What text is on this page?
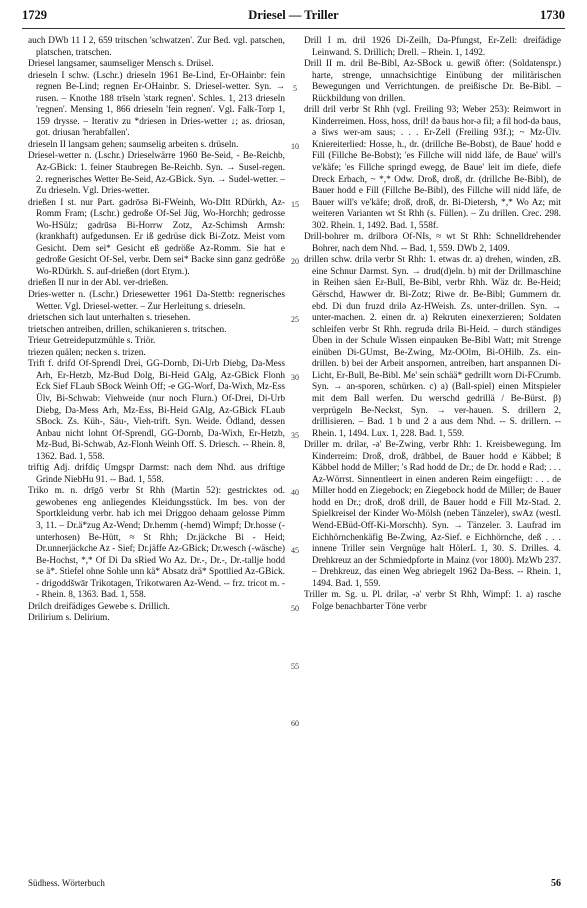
1729	Driesel — Triller	1730

auch DWb 11 I 2, 659 tritschen 'schwatzen'. Zur Bed. vgl. patschen, platschen, tratschen.

Driesel langsamer, saumseliger Mensch s. Drüsel.

drieseln I schw. (Lschr.) drieseln 1961 Be-Lind, Er-OHainbr: fein regnen Be-Lind; regnen Er-OHainbr. S. Driesel-wetter. Syn. → rusen. – Knothe 188 trīseln 'stark regnen'. Schles. 1, 213 drieseln 'regnen'. Mensing 1, 866 drieseln 'fein regnen'. Vgl. Falk-Torp 1, 159 drysse. – Iterativ zu *driesen in Dries-wetter ↓; as. driosan, got. driusan 'herabfallen'.

drieseln II langsam gehen; saumselig arbeiten s. drüseln.

Driesel-wetter n. (Lschr.) Drieselwärre 1960 Be-Seid, - Be-Reichb, Az-GBick: 1. feiner Staubregen Be-Reichb. Syn. → Susel-regen. 2. regnerisches Wetter Be-Seid, Az-GBick. Syn. → Sudel-wetter. – Zu drieseln. Vgl. Dries-wetter.

drießen I st. nur Part. gədrōsə Bi-FWeinh, Wo-DItt RDürkh, Az-Romm Fram; (Lschr.) gedroße Of-Sel Jüg, Wo-Horchh; gedrosse Wo-HSülz; gədrūsə Bi-Horrw Zotz, Az-Schimsh Armsh: (krankhaft) aufgedunsen. Er iß gedrüse dick Bi-Zotz. Meist vom Gesicht. Dem sei* Gesicht eß gedröße Az-Romm. Sie hat e gedroße Gesicht Of-Sel, verbr. Dem sei* Backe sinn ganz gedröße Wo-RDürkh. S. auf-drießen (dort Etym.).

drießen II nur in der Abl. ver-drießen.

Dries-wetter n. (Lschr.) Driesewetter 1961 Da-Stettb: regnerisches Wetter. Vgl. Driesel-wetter. – Zur Herleitung s. drieseln.

drietschen sich laut unterhalten s. triesehen.

trietschen antreiben, drillen, schikanieren s. tritschen.

Trieur Getreideputzmühle s. Triör.

triezen quälen; necken s. trizen.

Trift f. drifd Of-Sprendl Drei, GG-Dornb, Di-Urb Diebg, Da-Mess Arh, Er-Hetzb, Mz-Bud Dolg, Bi-Heid GAlg, Az-GBick Flonh Eck Sief FLaub SBock Weinh Off; -e GG-Worf, Da-Wixh, Mz-Ess Ülv, Bi-Schwab: Viehweide (nur noch Flurn.) Of-Drei, Di-Urb Diebg, Da-Mess Arh, Mz-Ess, Bi-Heid GAlg, Az-GBick FLaub SBock. Zs. Küh-, Säu-, Vieh-trift. Syn. Weide. Ödland, dessen Anbau nicht lohnt Of-Sprendl, GG-Dornb, Da-Wixh, Er-Hetzb, Mz-Bud, Bi-Schwab, Az-Flonh Weinh Off. S. Driesch. -- Rhein. 8, 1362. Bad. 1, 558.

triftig Adj. drifdiç Umgspr Darmst: nach dem Nhd. aus driftige Grinde NiebHu 91. -- Bad. 1, 558.

Triko m. n. drīgō verbr St Rhh (Martin 52): gestricktes od. gewobenes eng anliegendes Kleidungsstück. Im bes. von der Sportkleidung verbr. hab ich mei Driggoo dehaam gelosse Pimm 3, 11. – Dr.ä*zug Az-Wend; Dr.hemm (-hemd) Wimpf; Dr.hosse (-unterhosen) Be-Hütt, ≈ St Rhh; Dr.jäckche Bi - Heid; Dr.unnerjäckche Az - Sief; Dr.jäffe Az-GBick; Dr.wesch (-wäsche) Be-Hochst, *,* Of Di Da sRied Wo Az. Dr.-, Dr.-, Dr.-tallje hodd se ä*. Stiefel ohne Sohle unn kä* Absatz drä* Spottlied Az-GBick. - drigoddšwār Trikotagen, Trikotwaren Az-Wend. -- frz. tricot m. -- Rhein. 8, 1363. Bad. 1, 558.

Drilch dreifädiges Gewebe s. Drillich.

Drilirium s. Delirium.

5
10
15
20
25
30
35
40
45
50
55
60

Drill I m. dril 1926 Di-Zeilh, Da-Pfungst, Er-Zell: dreifädige Leinwand. S. Drillich; Drell. – Rhein. 1, 1492.

Drill II m. dril Be-Bibl, Az-SBock u. gewiß öfter: (Soldatenspr.) harte, strenge, unnachsichtige Einübung der militärischen Bewegungen und Verrichtungen. de preißische Dr. Be-Bibl. – Rückbildung von drillen.

drill dril verbr St Rhh (vgl. Freiling 93; Weber 253): Reimwort in Kinderreimen. Hoss, hoss, dril! də baus hor-ə fil; ə fil hod-də baus, ə šiws wer-əm saus; . . . Er-Zell (Freiling 93f.); ~ Mz-Ülv. Kniereiterlied: Hosse, h., dr. (drillche Be-Bobst), de Baue' hodd e Fill (Fillche Be-Bobst); 'es Fillche will nidd läfe, de Baue' will's ve'käfe; 'es Fillche springd ewegg, de Baue' leit im diefe, diefe Dreck Erbach, ~ *,* Odw. Droß, droß, dr. (drillche Be-Bibl), de Bauer hodd e Fill (Fillche Be-Bibl), des Fillche will nidd läfe, de Bauer will's ve'käfe; droß, droß, dr. Bi-Dietersh, *,* Wo Az; mit weiteren Varianten wt St Rhh (s. Füllen). – Zu drillen. Crec. 298. 302. Rhein. 1, 1492. Bad. 1, 558f.

Drill-bohrer m. drilborə Of-NIs, ≈ wt St Rhh: Schnelldrehender Bohrer, nach dem Nhd. -- Bad. 1, 559. DWb 2, 1409.

drillen schw. drilə verbr St Rhh: 1. etwas dr. a) drehen, winden, zB. eine Schnur Darmst. Syn. → drud(d)eln. b) mit der Drillmaschine in Reihen säen Er-Bull, Be-Bibl, verbr Rhh. Wäz dr. Be-Heid; Gërschd, Hawwer dr. Bi-Zotz; Riwe dr. Be-Bibl; Gummern dr. ebd. Di dun fruzd drilə Az-HWeish. Zs. unter-drillen. Syn. → unter-machen. 2. einen dr. a) Rekruten einexerzieren; Soldaten schleifen verbr St Rhh. regrudə drilə Bi-Heid. – durch ständiges Üben in der Schule Wissen einpauken Be-Bibl Watt; mit Strenge einüben Di-GUmst, Be-Zwing, Mz-OOlm, Bi-OHilb. Zs. ein-drillen. b) bei der Arbeit anspornen, antreiben, hart anspannen Di-Licht, Er-Bull, Be-Bibl. Me' sein schää* gedrillt worn Di-FCrumb. Syn. → an-sporen, schürken. c) a) (Ball-spiel) einen Mitspieler mit dem Ball werfen. Du werschd gedrillä / Be-Bürst. β) verprügeln Be-Neckst, Syn. → ver-hauen. S. drillern 2, drillisieren. – Bad. 1 b und 2 a aus dem Nhd. -- S. drillern. -- Rhein. 1, 1494. Lux. 1, 228. Bad. 1, 559.

Driller m. drilər, -ə' Be-Zwing, verbr Rhh: 1. Kreisbewegung. Im Kinderreim: Droß, droß, drābbel, de Bauer hodd e Käbbel; ß Käbbel hodd de Miller; 's Rad hodd de Dr.; de Dr. hodd e Rad; . . . Az-Wörrst. Sinnentleert in einen anderen Reim eingefügt: . . . de Miller hodd en Ziegebock; en Ziegebock hodd de Miller; de Bauer hodd en Dr.; droß, droß drill, de Bauer hodd e Fill Mz-Stad. 2. Spielkreisel der Kinder Wo-Mölsh (neben Tänzeler), swAz (westl. Wend-EBüd-Off-Ki-Morschh). Syn. → Tänzeler. 3. Laufrad im Eichhörnchenkäfig Be-Zwing, Az-Sief. e Eichhörnche, deß . . . innene Triller sein Vergnüge halt HölerL 1, 30. S. Drilles. 4. Drehkreuz an der Schmiedpforte in Mainz (vor 1800). MzWb 237. – Drehkreuz, das einen Weg abriegelt 1962 Da-Bess. -- Rhein. 1, 1494. Bad. 1, 559.

Triller m. Sg. u. Pl. drilər, -ə' verbr St Rhh, Wimpf: 1. a) rasche Folge benachbarter Töne verbr

Südhess. Wörterbuch	56
